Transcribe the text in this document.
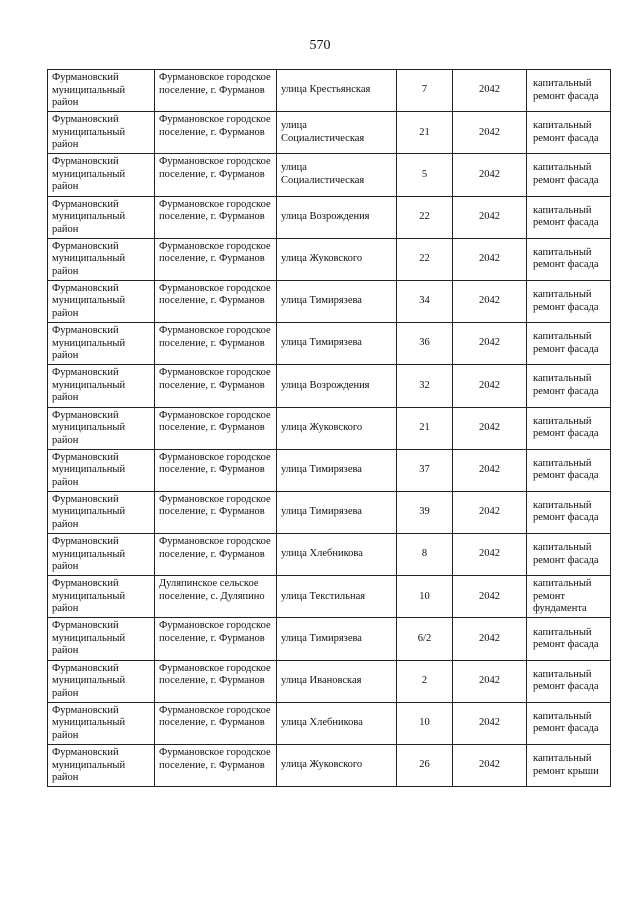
570
Фурмановский муниципальный район	Фурмановское городское поселение, г. Фурманов	улица Крестьянская	7	2042	капитальный ремонт фасада
Фурмановский муниципальный район	Фурмановское городское поселение, г. Фурманов	улица Социалистическая	21	2042	капитальный ремонт фасада
Фурмановский муниципальный район	Фурмановское городское поселение, г. Фурманов	улица Социалистическая	5	2042	капитальный ремонт фасада
Фурмановский муниципальный район	Фурмановское городское поселение, г. Фурманов	улица Возрождения	22	2042	капитальный ремонт фасада
Фурмановский муниципальный район	Фурмановское городское поселение, г. Фурманов	улица Жуковского	22	2042	капитальный ремонт фасада
Фурмановский муниципальный район	Фурмановское городское поселение, г. Фурманов	улица Тимирязева	34	2042	капитальный ремонт фасада
Фурмановский муниципальный район	Фурмановское городское поселение, г. Фурманов	улица Тимирязева	36	2042	капитальный ремонт фасада
Фурмановский муниципальный район	Фурмановское городское поселение, г. Фурманов	улица Возрождения	32	2042	капитальный ремонт фасада
Фурмановский муниципальный район	Фурмановское городское поселение, г. Фурманов	улица Жуковского	21	2042	капитальный ремонт фасада
Фурмановский муниципальный район	Фурмановское городское поселение, г. Фурманов	улица Тимирязева	37	2042	капитальный ремонт фасада
Фурмановский муниципальный район	Фурмановское городское поселение, г. Фурманов	улица Тимирязева	39	2042	капитальный ремонт фасада
Фурмановский муниципальный район	Фурмановское городское поселение, г. Фурманов	улица Хлебникова	8	2042	капитальный ремонт фасада
Фурмановский муниципальный район	Дуляпинское сельское поселение, с. Дуляпино	улица Текстильная	10	2042	капитальный ремонт фундамента
Фурмановский муниципальный район	Фурмановское городское поселение, г. Фурманов	улица Тимирязева	6/2	2042	капитальный ремонт фасада
Фурмановский муниципальный район	Фурмановское городское поселение, г. Фурманов	улица Ивановская	2	2042	капитальный ремонт фасада
Фурмановский муниципальный район	Фурмановское городское поселение, г. Фурманов	улица Хлебникова	10	2042	капитальный ремонт фасада
Фурмановский муниципальный район	Фурмановское городское поселение, г. Фурманов	улица Жуковского	26	2042	капитальный ремонт крыши
